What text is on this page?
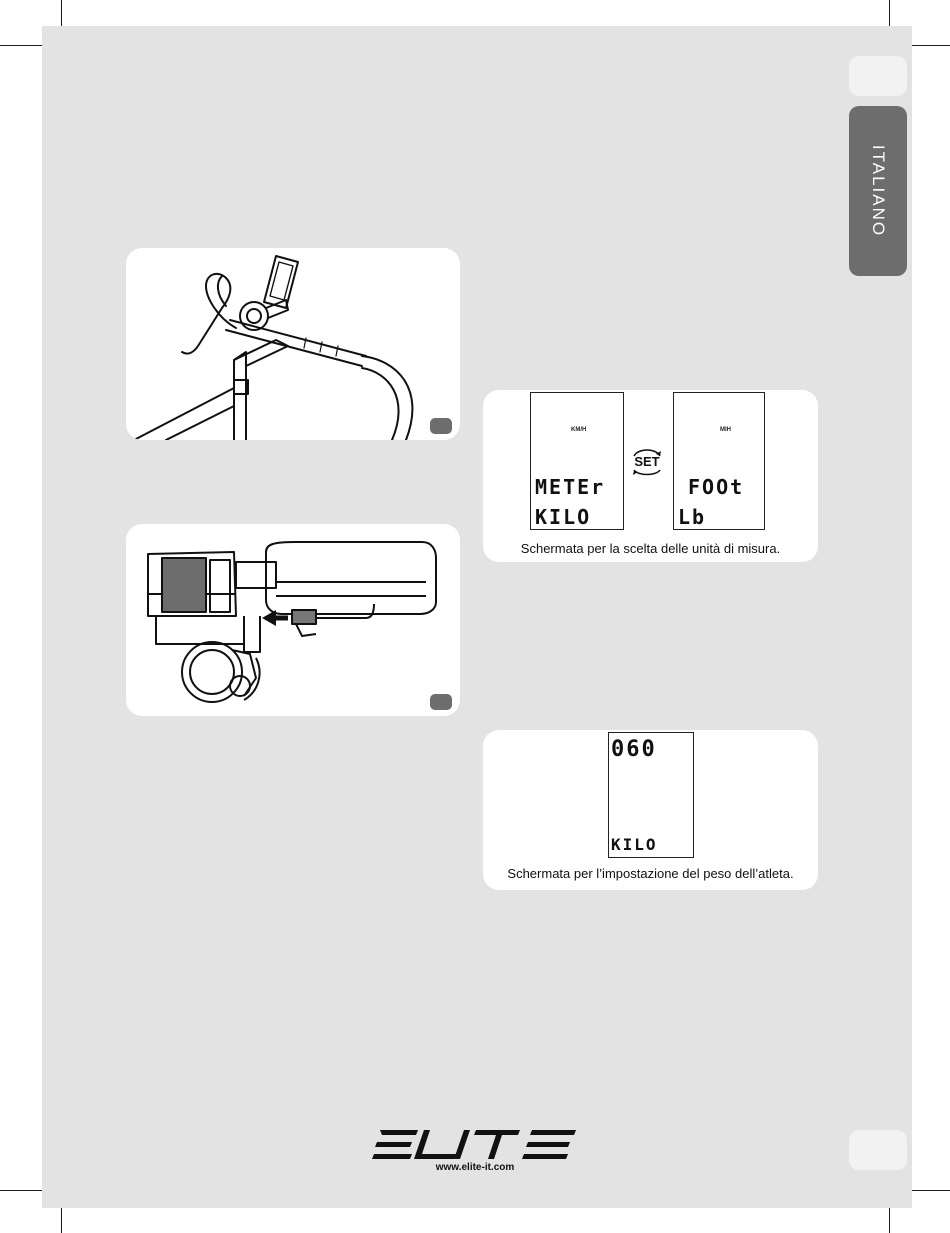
ITALIANO
KM/H
METEr
KILO
SET
MIH
FOOt
Lb
Schermata per la scelta delle unità di misura.
060
KILO
Schermata per l’impostazione del peso dell’atleta.
www.elite-it.com
